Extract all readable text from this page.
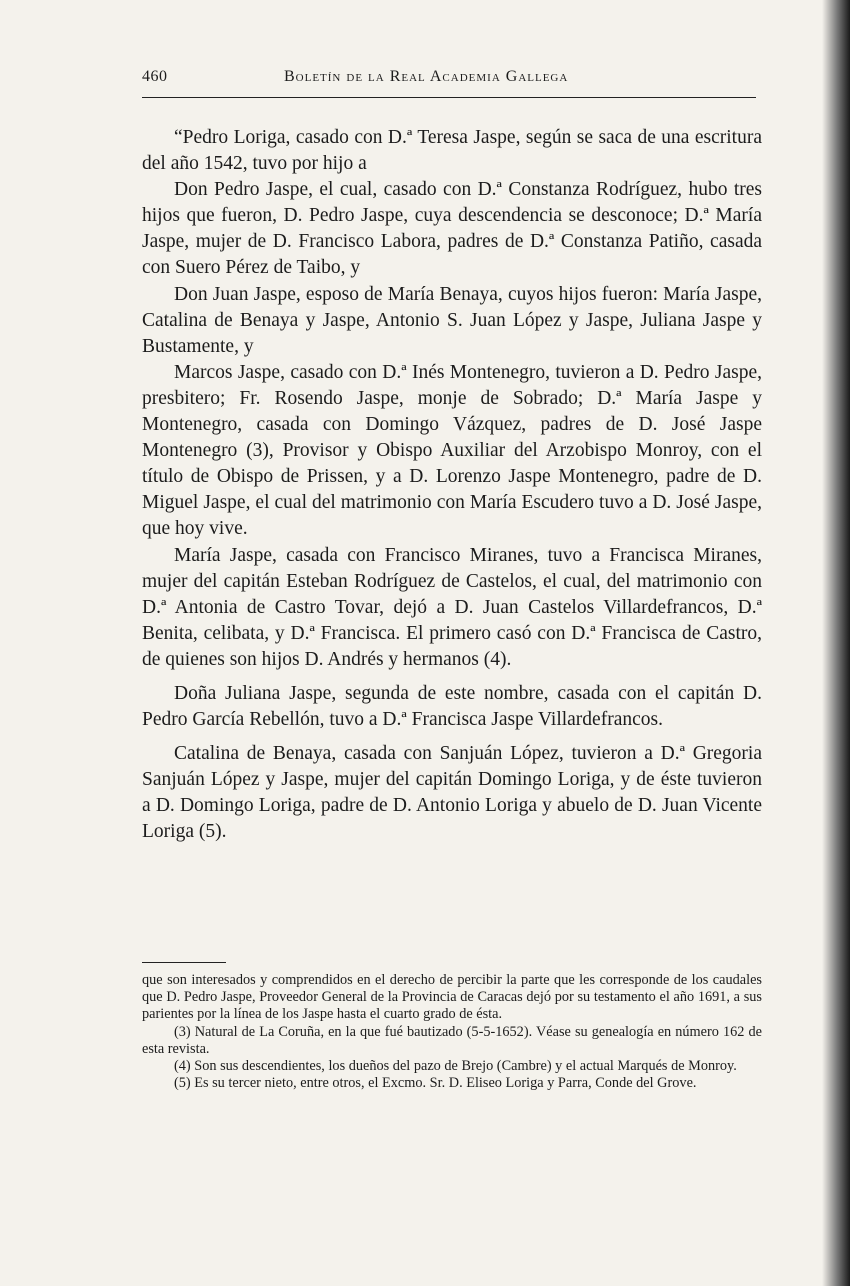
460	Boletín de la Real Academia Gallega

“Pedro Loriga, casado con D.ª Teresa Jaspe, según se saca de una escritura del año 1542, tuvo por hijo a

Don Pedro Jaspe, el cual, casado con D.ª Constanza Rodríguez, hubo tres hijos que fueron, D. Pedro Jaspe, cuya descendencia se desconoce; D.ª María Jaspe, mujer de D. Francisco Labora, padres de D.ª Constanza Patiño, casada con Suero Pérez de Taibo, y

Don Juan Jaspe, esposo de María Benaya, cuyos hijos fueron: María Jaspe, Catalina de Benaya y Jaspe, Antonio S. Juan López y Jaspe, Juliana Jaspe y Bustamente, y

Marcos Jaspe, casado con D.ª Inés Montenegro, tuvieron a D. Pedro Jaspe, presbitero; Fr. Rosendo Jaspe, monje de Sobrado; D.ª María Jaspe y Montenegro, casada con Domingo Vázquez, padres de D. José Jaspe Montenegro (3), Provisor y Obispo Auxiliar del Arzobispo Monroy, con el título de Obispo de Prissen, y a D. Lorenzo Jaspe Montenegro, padre de D. Miguel Jaspe, el cual del matrimonio con María Escudero tuvo a D. José Jaspe, que hoy vive.

María Jaspe, casada con Francisco Miranes, tuvo a Francisca Miranes, mujer del capitán Esteban Rodríguez de Castelos, el cual, del matrimonio con D.ª Antonia de Castro Tovar, dejó a D. Juan Castelos Villardefrancos, D.ª Benita, celibata, y D.ª Francisca. El primero casó con D.ª Francisca de Castro, de quienes son hijos D. Andrés y hermanos (4).

Doña Juliana Jaspe, segunda de este nombre, casada con el capitán D. Pedro García Rebellón, tuvo a D.ª Francisca Jaspe Villardefrancos.

Catalina de Benaya, casada con Sanjuán López, tuvieron a D.ª Gregoria Sanjuán López y Jaspe, mujer del capitán Domingo Loriga, y de éste tuvieron a D. Domingo Loriga, padre de D. Antonio Loriga y abuelo de D. Juan Vicente Loriga (5).

que son interesados y comprendidos en el derecho de percibir la parte que les corresponde de los caudales que D. Pedro Jaspe, Proveedor General de la Provincia de Caracas dejó por su testamento el año 1691, a sus parientes por la línea de los Jaspe hasta el cuarto grado de ésta.

(3) Natural de La Coruña, en la que fué bautizado (5-5-1652). Véase su genealogía en número 162 de esta revista.

(4) Son sus descendientes, los dueños del pazo de Brejo (Cambre) y el actual Marqués de Monroy.

(5) Es su tercer nieto, entre otros, el Excmo. Sr. D. Eliseo Loriga y Parra, Conde del Grove.
